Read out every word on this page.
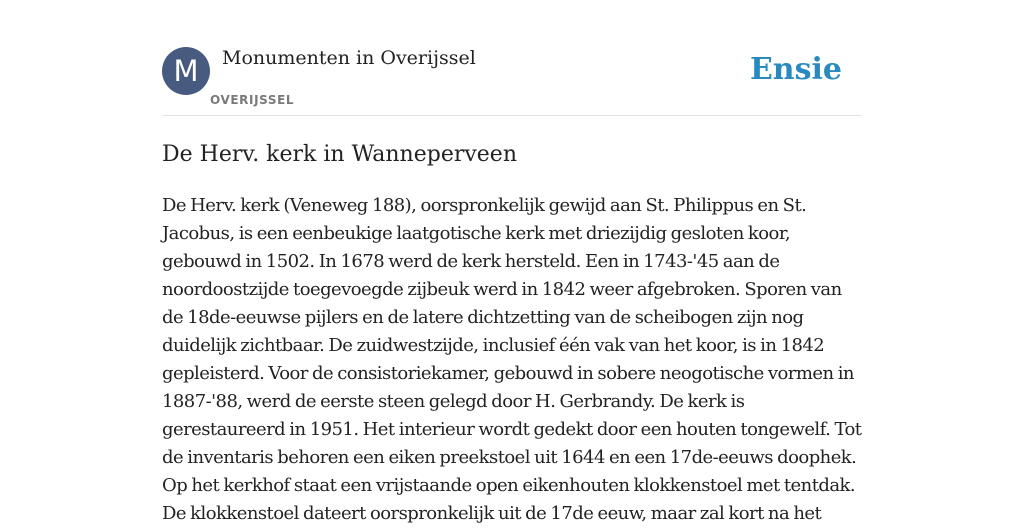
M	Monumenten in Overijssel
OVERIJSSEL
Ensie
De Herv. kerk in Wanneperveen

De Herv. kerk (Veneweg 188), oorspronkelijk gewijd aan St. Philippus en St. Jacobus, is een eenbeukige laatgotische kerk met driezijdig gesloten koor, gebouwd in 1502. In 1678 werd de kerk hersteld. Een in 1743-'45 aan de noordoostzijde toegevoegde zijbeuk werd in 1842 weer afgebroken. Sporen van de 18de-eeuwse pijlers en de latere dichtzetting van de scheibogen zijn nog duidelijk zichtbaar. De zuidwestzijde, inclusief één vak van het koor, is in 1842 gepleisterd. Voor de consistoriekamer, gebouwd in sobere neogotische vormen in 1887-'88, werd de eerste steen gelegd door H. Gerbrandy. De kerk is gerestaureerd in 1951. Het interieur wordt gedekt door een houten tongewelf. Tot de inventaris behoren een eiken preekstoel uit 1644 en een 17de-eeuws doophek. Op het kerkhof staat een vrijstaande open eikenhouten klokkenstoel met tentdak. De klokkenstoel dateert oorspronkelijk uit de 17de eeuw, maar zal kort na het
